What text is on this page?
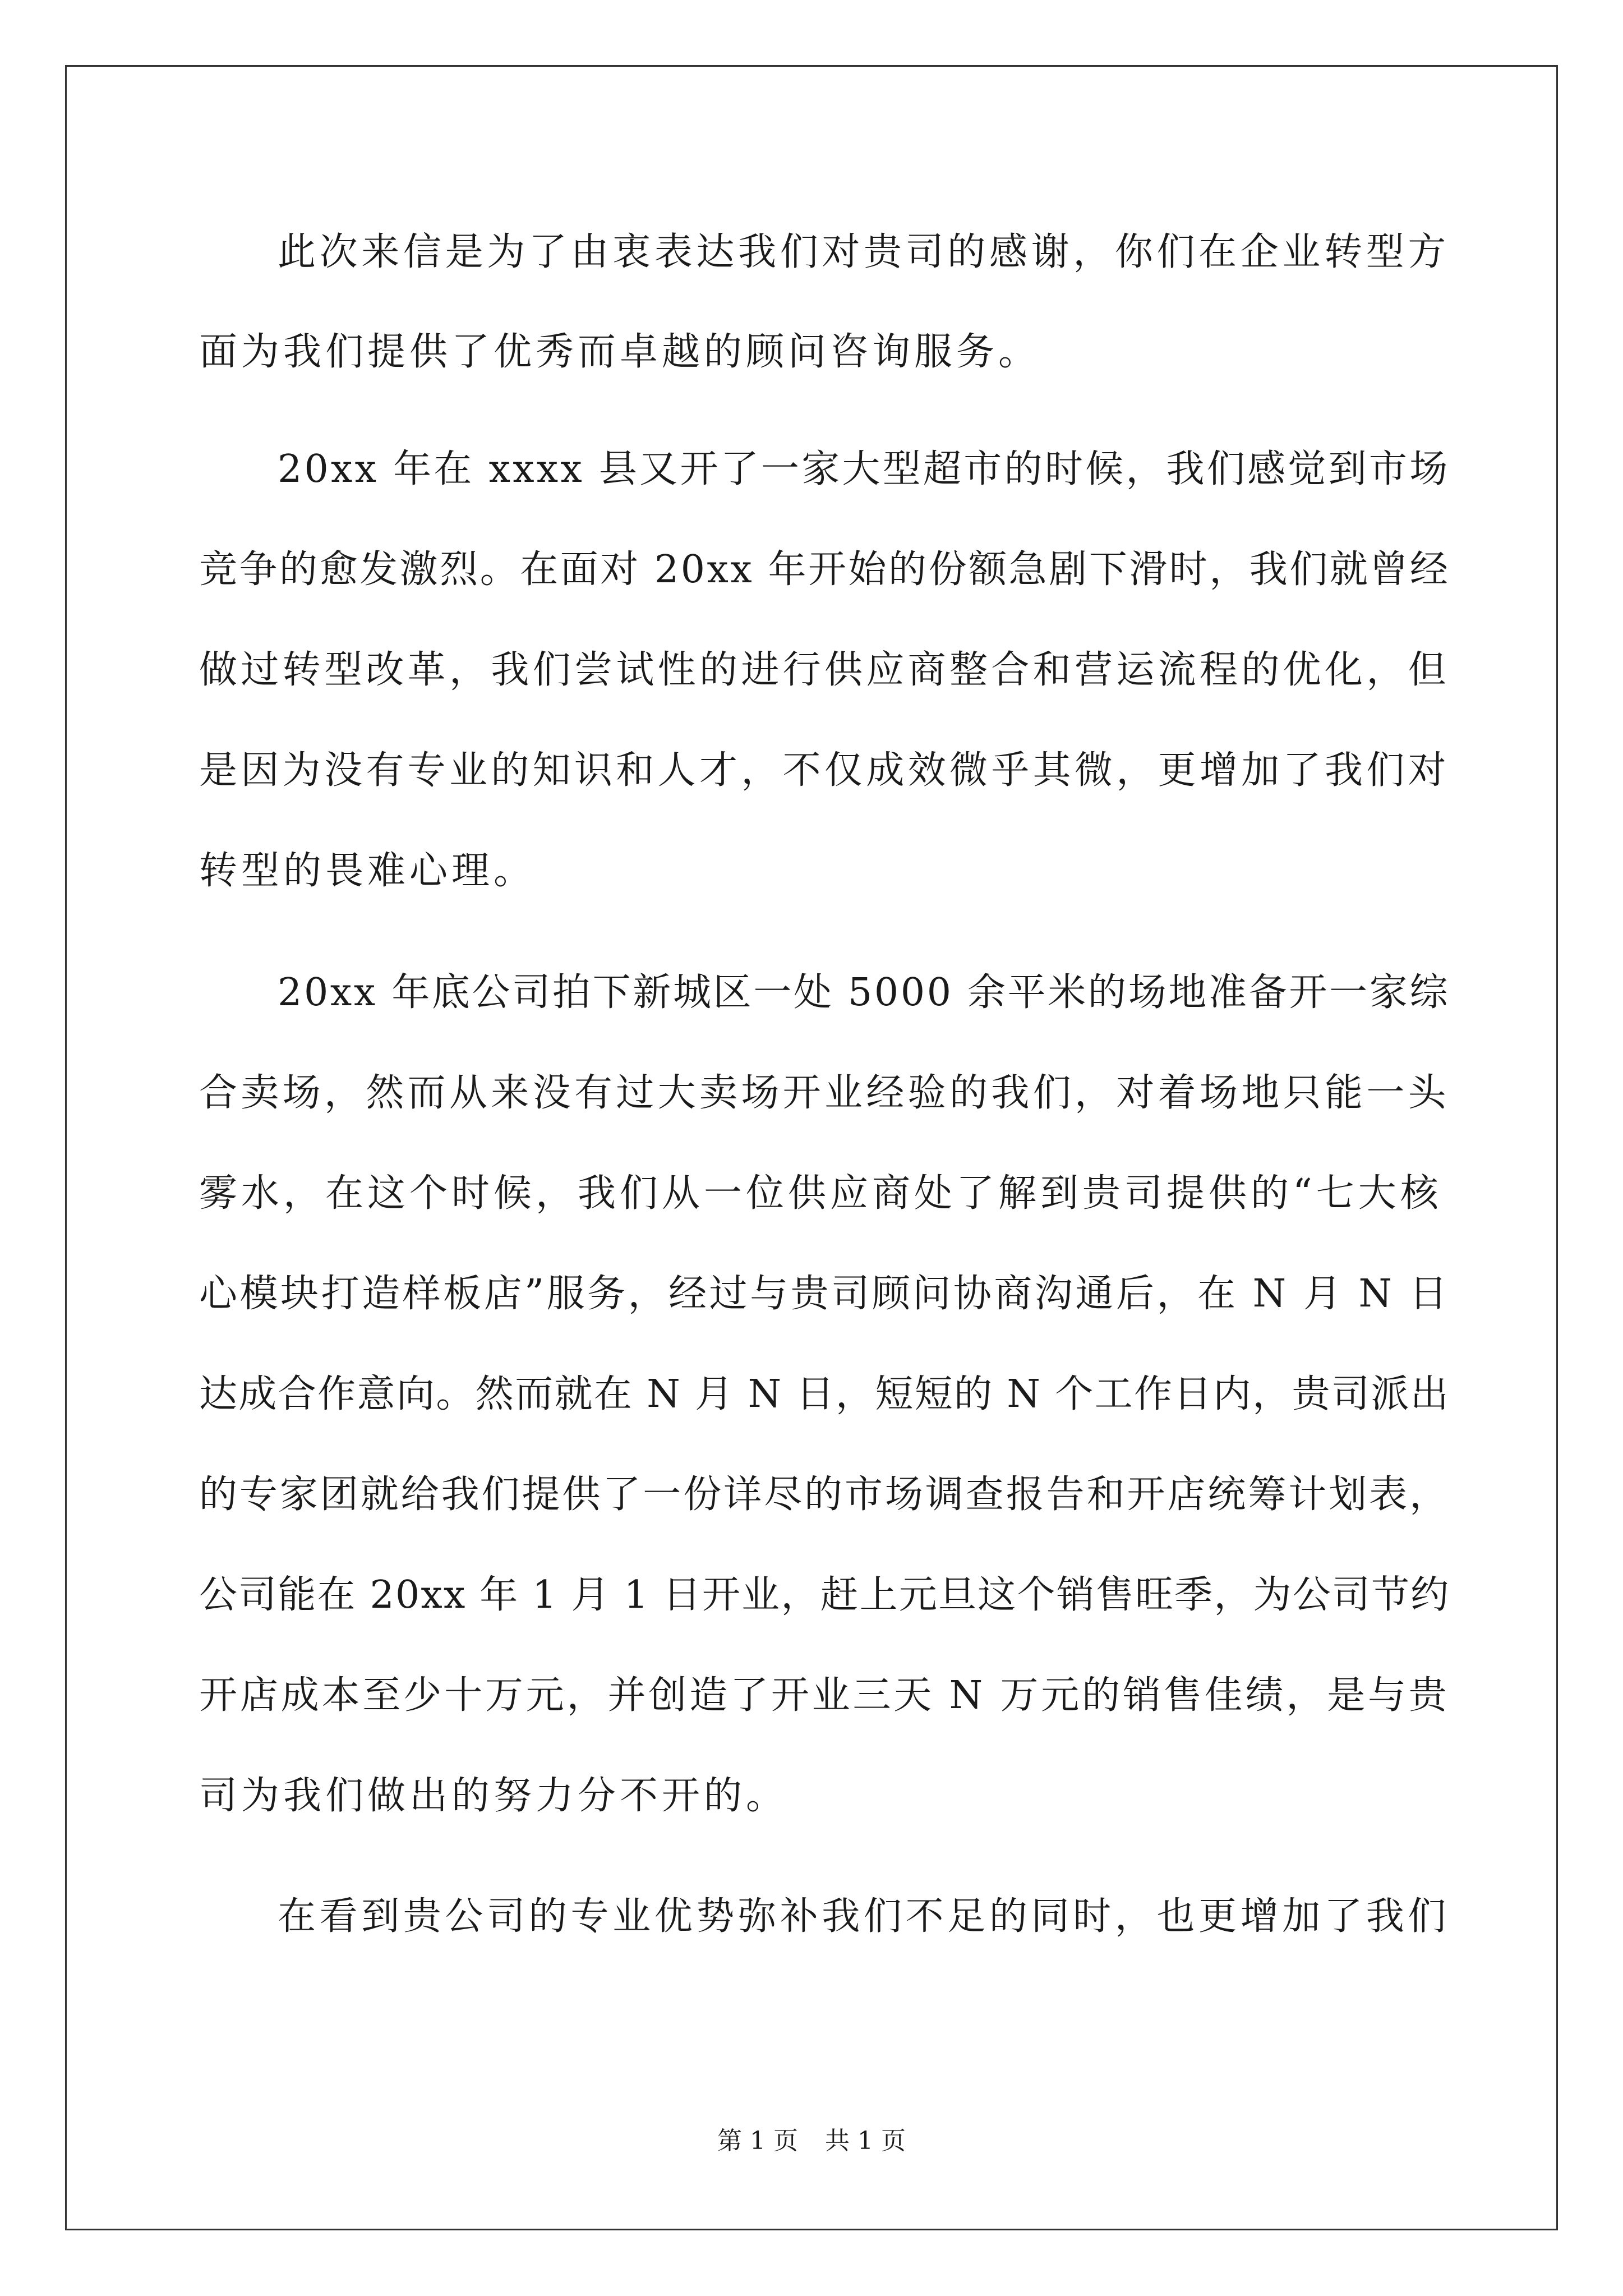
此次来信是为了由衷表达我们对贵司的感谢，你们在企业转型方
面为我们提供了优秀而卓越的顾问咨询服务。
20xx 年在 xxxx 县又开了一家大型超市的时候，我们感觉到市场
竞争的愈发激烈。在面对 20xx 年开始的份额急剧下滑时，我们就曾经
做过转型改革，我们尝试性的进行供应商整合和营运流程的优化，但
是因为没有专业的知识和人才，不仅成效微乎其微，更增加了我们对
转型的畏难心理。
20xx 年底公司拍下新城区一处 5000 余平米的场地准备开一家综
合卖场，然而从来没有过大卖场开业经验的我们，对着场地只能一头
雾水，在这个时候，我们从一位供应商处了解到贵司提供的“七大核
心模块打造样板店”服务，经过与贵司顾问协商沟通后，在 N 月 N 日
达成合作意向。然而就在 N 月 N 日，短短的 N 个工作日内，贵司派出
的专家团就给我们提供了一份详尽的市场调查报告和开店统筹计划表，
公司能在 20xx 年 1 月 1 日开业，赶上元旦这个销售旺季，为公司节约
开店成本至少十万元，并创造了开业三天 N 万元的销售佳绩，是与贵
司为我们做出的努力分不开的。
在看到贵公司的专业优势弥补我们不足的同时，也更增加了我们
第 1 页 共 1 页
